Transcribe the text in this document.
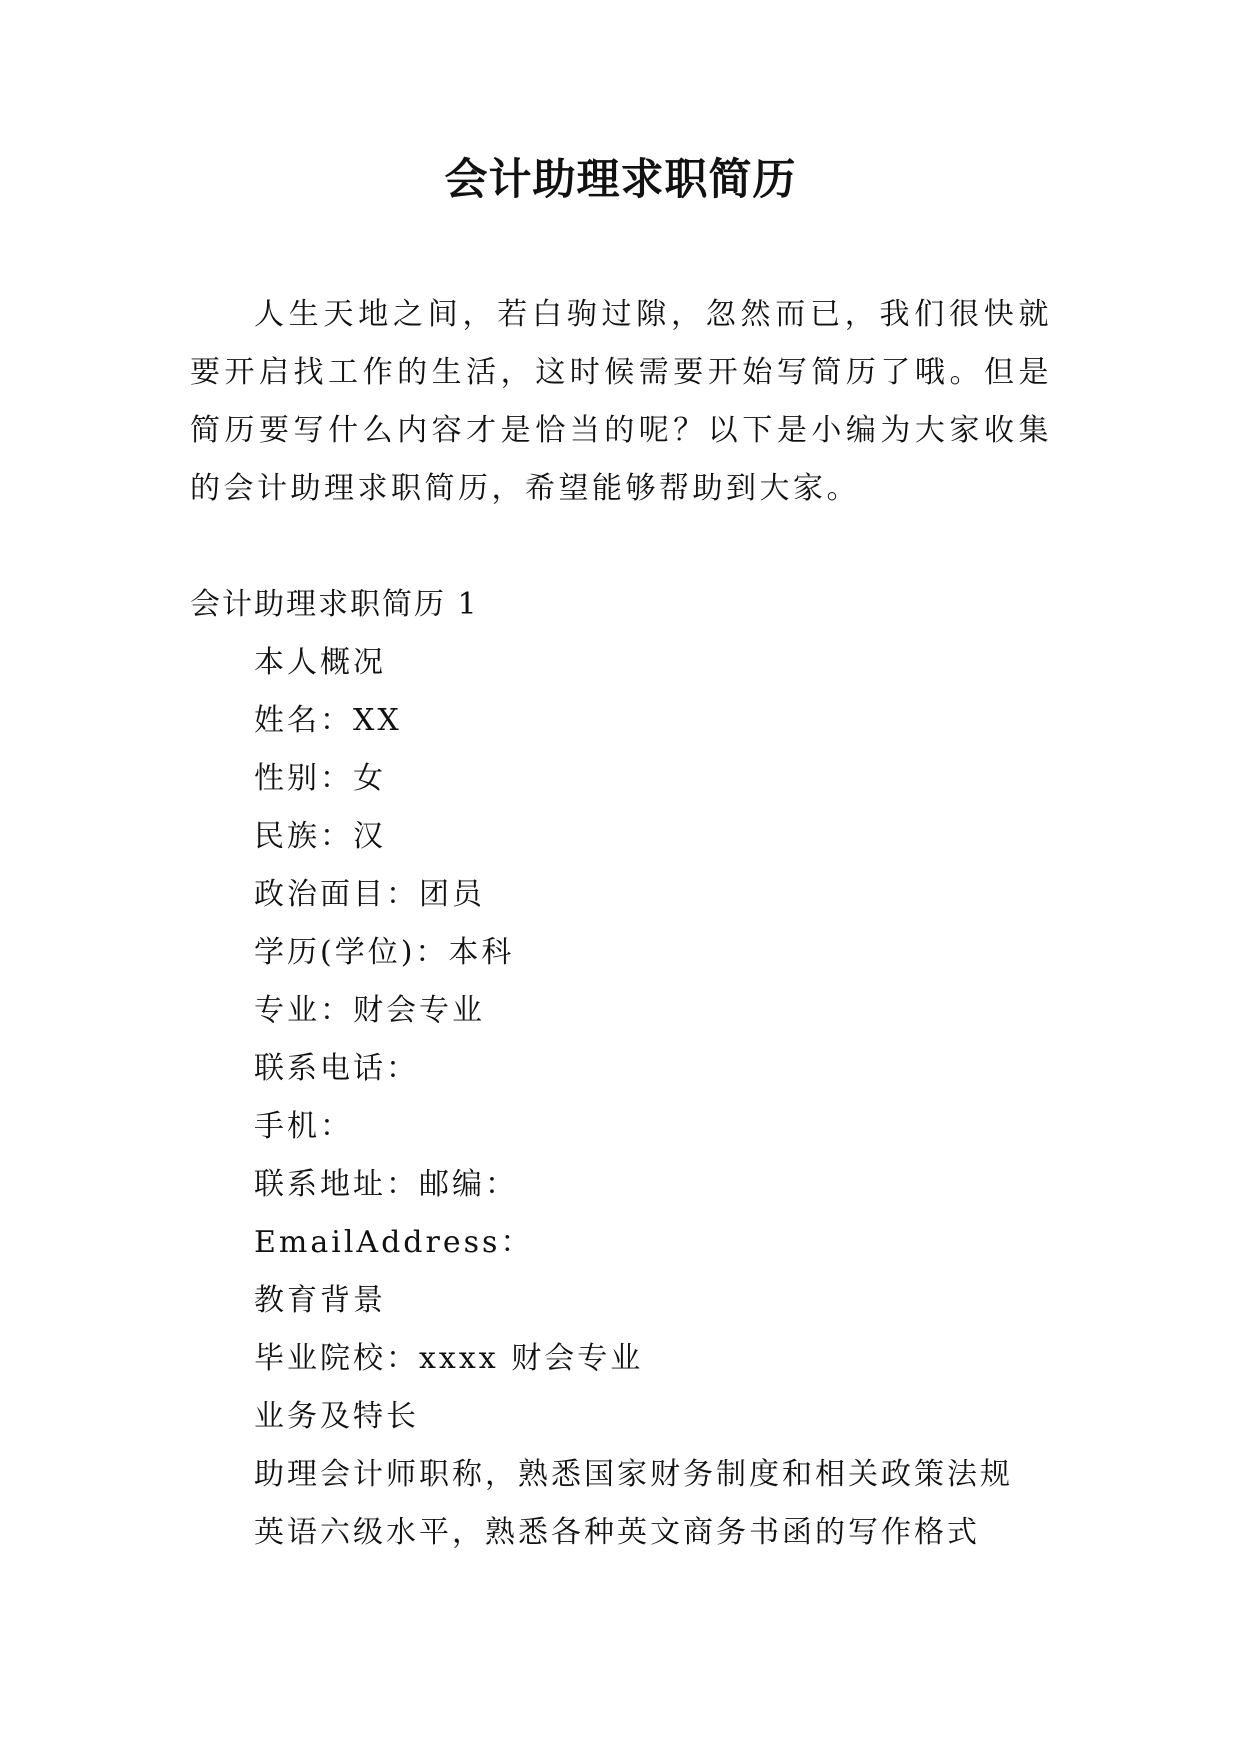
会计助理求职简历

人生天地之间，若白驹过隙，忽然而已，我们很快就要开启找工作的生活，这时候需要开始写简历了哦。但是简历要写什么内容才是恰当的呢？以下是小编为大家收集的会计助理求职简历，希望能够帮助到大家。

会计助理求职简历 1

本人概况
姓名：XX
性别：女
民族：汉
政治面目：团员
学历(学位)：本科
专业：财会专业
联系电话：
手机：
联系地址：邮编：
EmailAddress：
教育背景
毕业院校：xxxx 财会专业
业务及特长
助理会计师职称，熟悉国家财务制度和相关政策法规
英语六级水平，熟悉各种英文商务书函的写作格式
